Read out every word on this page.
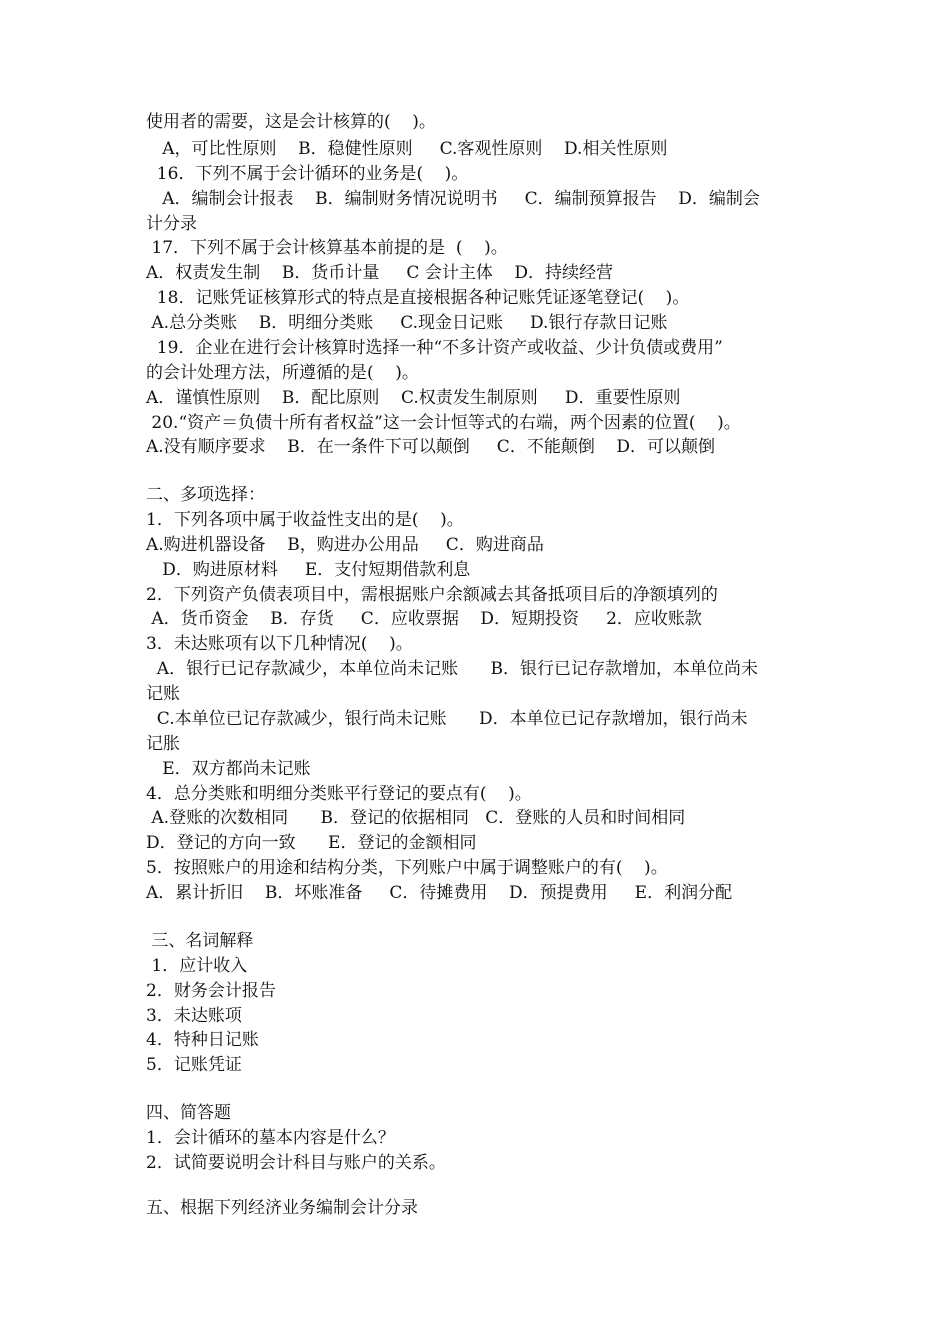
使用者的需要，这是会计核算的(    )。
A，可比性原则    B．稳健性原则     C.客观性原则    D.相关性原则
16．下列不属于会计循环的业务是(    )。
A．编制会计报表    B．编制财务情况说明书     C．编制预算报告    D．编制会
计分录
17．下列不属于会计核算基本前提的是  (    )。
A．权责发生制    B．货币计量     C 会计主体    D．持续经营
18．记账凭证核算形式的特点是直接根据各种记账凭证逐笔登记(    )。
A.总分类账    B．明细分类账     C.现金日记账     D.银行存款日记账
19．企业在进行会计核算时选择一种“不多计资产或收益、少计负债或费用”
的会计处理方法，所遵循的是(    )。
A．谨慎性原则    B．配比原则    C.权责发生制原则     D．重要性原则
20.“资产＝负债十所有者权益”这一会计恒等式的右端，两个因素的位置(    )。
A.没有顺序要求    B．在一条件下可以颠倒     C．不能颠倒    D．可以颠倒
二、多项选择：
1．下列各项中属于收益性支出的是(    )。
A.购进机器设备    B，购进办公用品     C．购进商品
D．购进原材料     E．支付短期借款利息
2．下列资产负债表项目中，需根据账户余额减去其备抵项目后的净额填列的
A．货币资金    B．存货     C．应收票据    D．短期投资     2．应收账款
3．未达账项有以下几种情况(    )。
A．银行已记存款减少，本单位尚未记账      B．银行已记存款增加，本单位尚未
记账
C.本单位已记存款减少，银行尚未记账      D．本单位已记存款增加，银行尚未
记胀
E．双方都尚未记账
4．总分类账和明细分类账平行登记的要点有(    )。
A.登账的次数相同      B．登记的依据相同   C．登账的人员和时间相同
D．登记的方向一致      E．登记的金额相同
5．按照账户的用途和结构分类，下列账户中属于调整账户的有(    )。
A．累计折旧    B．坏账准备     C．待摊费用    D．预提费用     E．利润分配
三、名词解释
1．应计收入
2．财务会计报告
3．未达账项
4．特种日记账
5．记账凭证
四、简答题
1．会计循环的墓本内容是什么？
2．试简要说明会计科目与账户的关系。
五、根据下列经济业务编制会计分录
